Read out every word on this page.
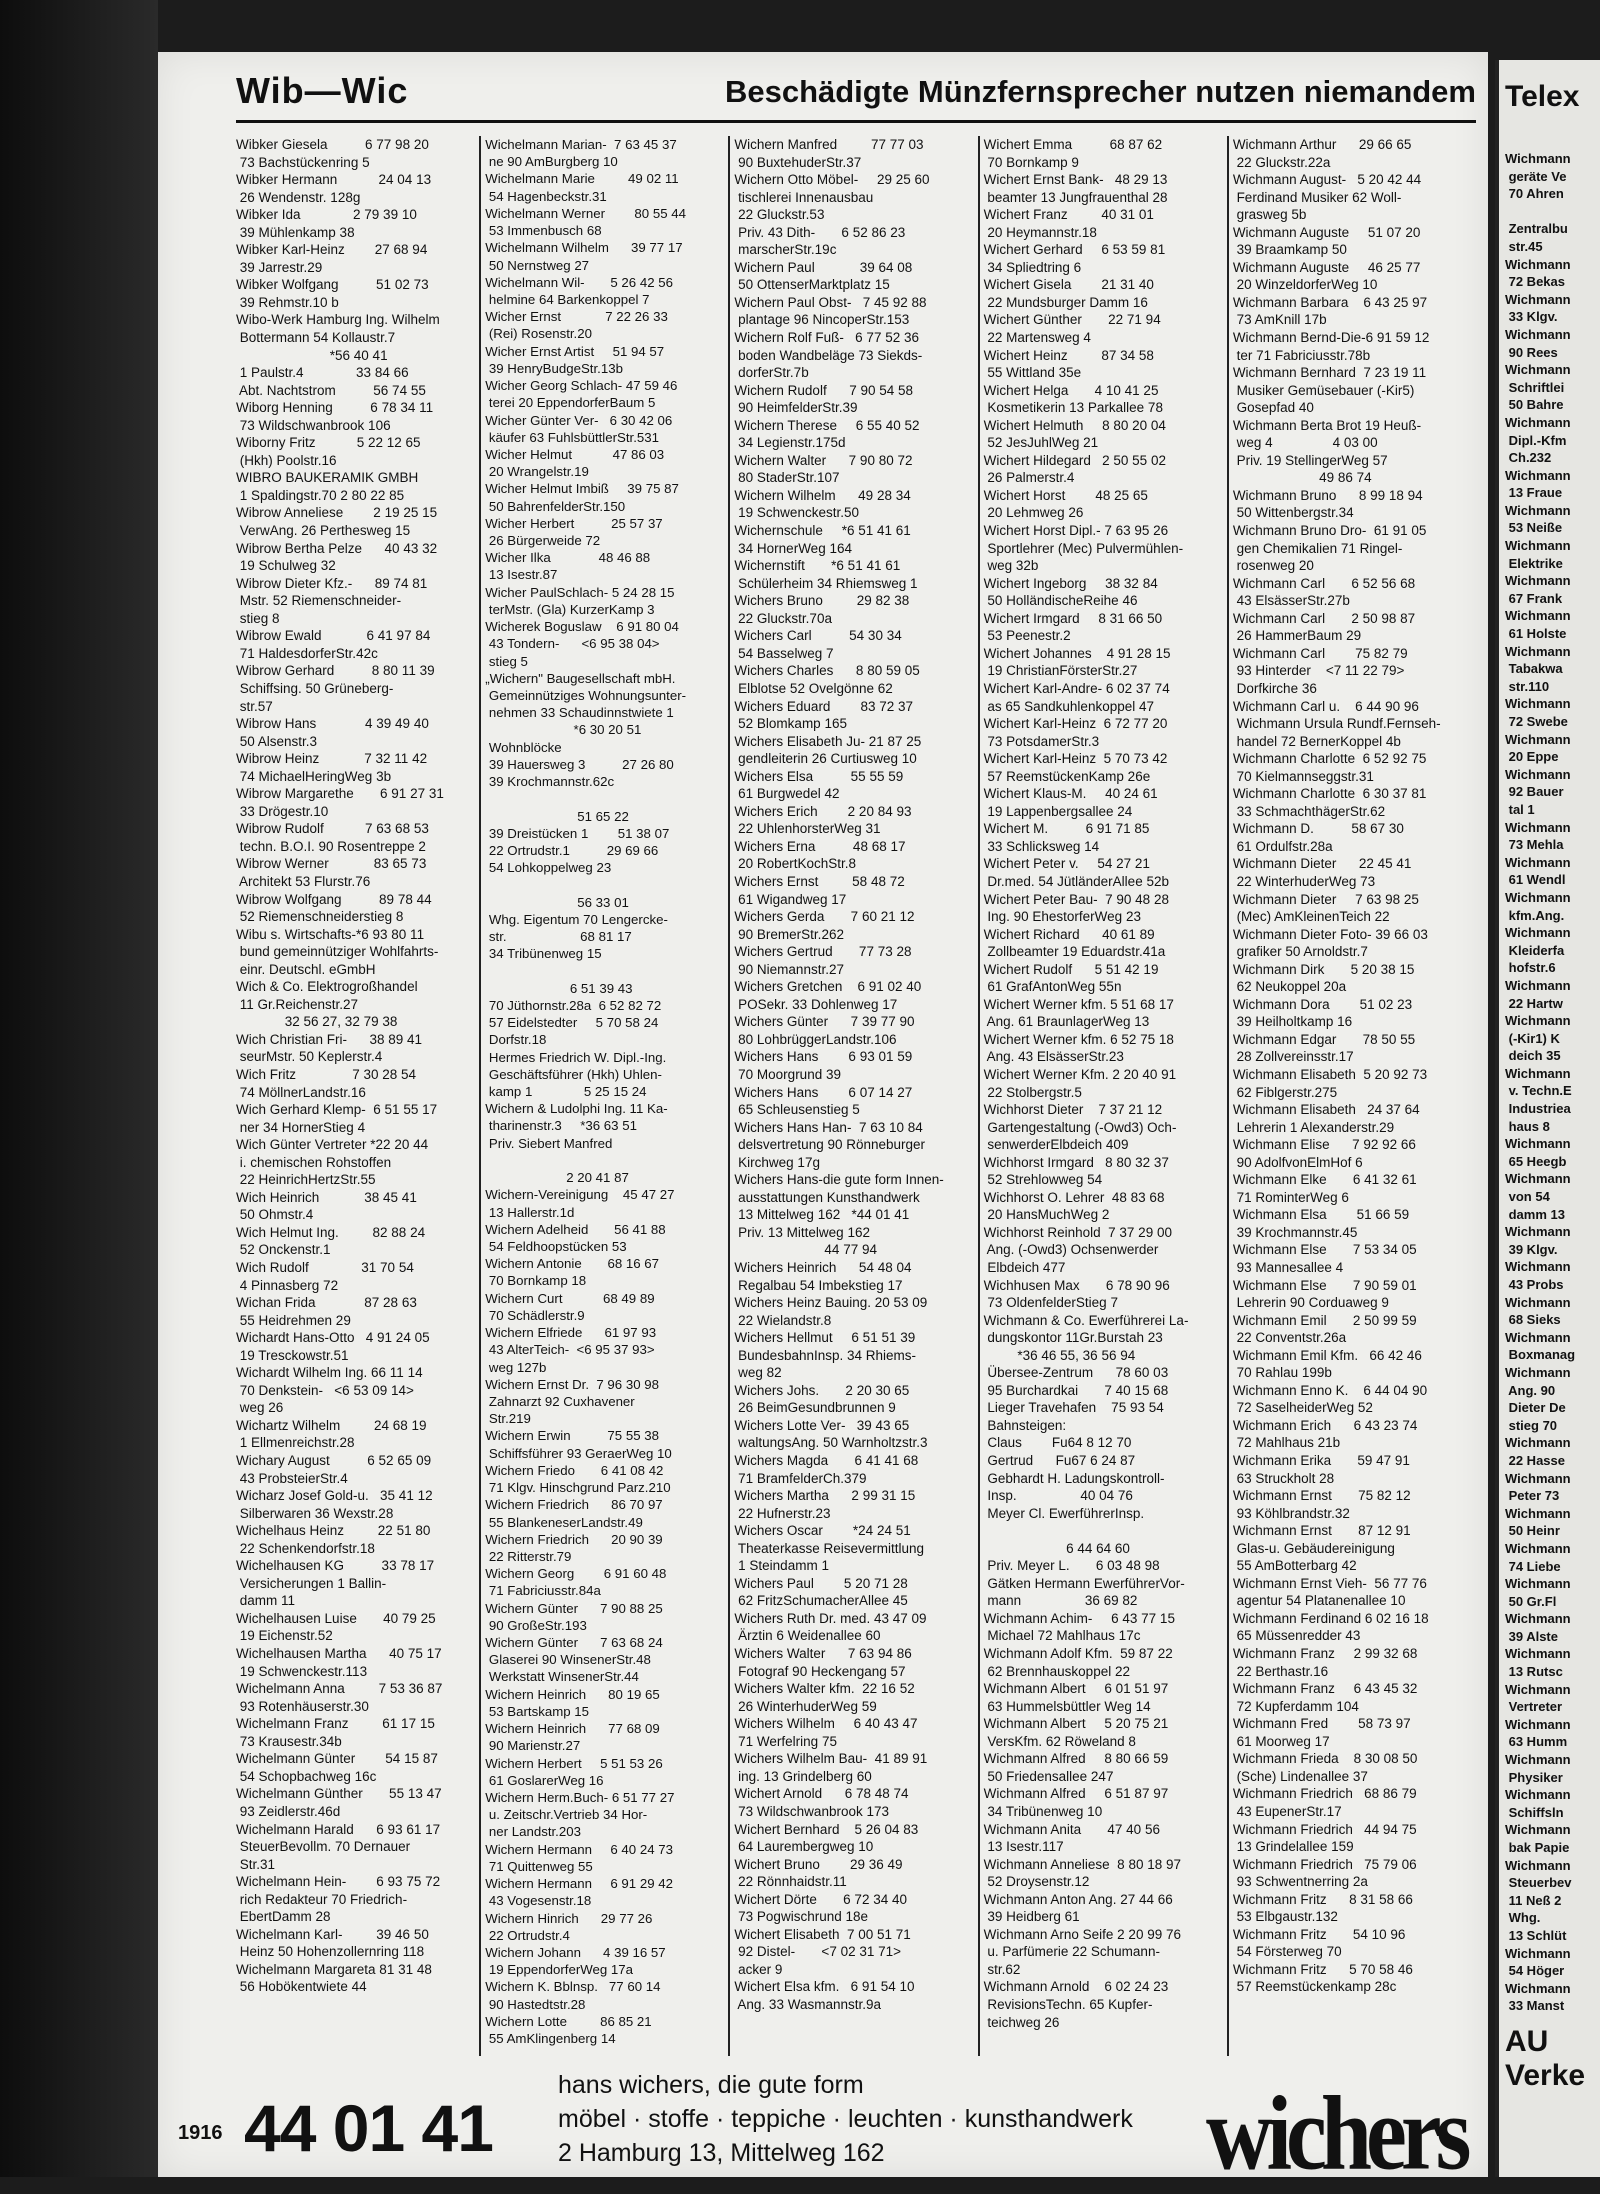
Wib—Wic	Beschädigte Münzfernsprecher nutzen niemandem
Wibker Giesela          6 77 98 20
73 Bachstückenring 5
Wibker Hermann           24 04 13
26 Wendenstr. 128g
Wibker Ida              2 79 39 10
39 Mühlenkamp 38
Wibker Karl-Heinz        27 68 94
39 Jarrestr.29
Wibker Wolfgang          51 02 73
39 Rehmstr.10 b
Wibo-Werk Hamburg Ing. Wilhelm
Bottermann 54 Kollaustr.7
*56 40 41
1 Paulstr.4              33 84 66
Abt. Nachtstrom          56 74 55
Wiborg Henning          6 78 34 11
73 Wildschwanbrook 106
Wiborny Fritz           5 22 12 65
(Hkh) Poolstr.16
WIBRO BAUKERAMIK GMBH
1 Spaldingstr.70 2 80 22 85
Wibrow Anneliese        2 19 25 15
VerwAng. 26 Perthesweg 15
Wibrow Bertha Pelze      40 43 32
19 Schulweg 32
Wibrow Dieter Kfz.-      89 74 81
Mstr. 52 Riemenschneider-
stieg 8
Wibrow Ewald            6 41 97 84
71 HaldesdorferStr.42c
Wibrow Gerhard          8 80 11 39
Schiffsing. 50 Grüneberg-
str.57
Wibrow Hans             4 39 49 40
50 Alsenstr.3
Wibrow Heinz            7 32 11 42
74 MichaelHeringWeg 3b
Wibrow Margarethe       6 91 27 31
33 Drögestr.10
Wibrow Rudolf           7 63 68 53
techn. B.O.I. 90 Rosentreppe 2
Wibrow Werner            83 65 73
Architekt 53 Flurstr.76
Wibrow Wolfgang          89 78 44
52 Riemenschneiderstieg 8
Wibu s. Wirtschafts-*6 93 80 11
bund gemeinnütziger Wohlfahrts-
einr. Deutschl. eGmbH
Wich & Co. Elektrogroßhandel
11 Gr.Reichenstr.27
32 56 27, 32 79 38
Wich Christian Fri-      38 89 41
seurMstr. 50 Keplerstr.4
Wich Fritz               7 30 28 54
74 MöllnerLandstr.16
Wich Gerhard Klemp-  6 51 55 17
ner 34 HornerStieg 4
Wich Günter Vertreter *22 20 44
i. chemischen Rohstoffen
22 HeinrichHertzStr.55
Wich Heinrich            38 45 41
50 Ohmstr.4
Wich Helmut Ing.         82 88 24
52 Onckenstr.1
Wich Rudolf              31 70 54
4 Pinnasberg 72
Wichan Frida             87 28 63
55 Heidrehmen 29
Wichardt Hans-Otto   4 91 24 05
19 Tresckowstr.51
Wichardt Wilhelm Ing. 66 11 14
70 Denkstein-   <6 53 09 14>
weg 26
Wichartz Wilhelm         24 68 19
1 Ellmenreichstr.28
Wichary August          6 52 65 09
43 ProbsteierStr.4
Wicharz Josef Gold-u.   35 41 12
Silberwaren 36 Wexstr.28
Wichelhaus Heinz         22 51 80
22 Schenkendorfstr.18
Wichelhausen KG          33 78 17
Versicherungen 1 Ballin-
damm 11
Wichelhausen Luise       40 79 25
19 Eichenstr.52
Wichelhausen Martha      40 75 17
19 Schwenckestr.113
Wichelmann Anna         7 53 36 87
93 Rotenhäuserstr.30
Wichelmann Franz         61 17 15
73 Krausestr.34b
Wichelmann Günter        54 15 87
54 Schopbachweg 16c
Wichelmann Günther       55 13 47
93 Zeidlerstr.46d
Wichelmann Harald      6 93 61 17
SteuerBevollm. 70 Dernauer
Str.31
Wichelmann Hein-        6 93 75 72
rich Redakteur 70 Friedrich-
EbertDamm 28
Wichelmann Karl-         39 46 50
Heinz 50 Hohenzollernring 118
Wichelmann Margareta 81 31 48
56 Hobökentwiete 44
Wichelmann Marian-  7 63 45 37
ne 90 AmBurgberg 10
Wichelmann Marie         49 02 11
54 Hagenbeckstr.31
Wichelmann Werner        80 55 44
53 Immenbusch 68
Wichelmann Wilhelm      39 77 17
50 Nernstweg 27
Wichelmann Wil-       5 26 42 56
helmine 64 Barkenkoppel 7
Wicher Ernst            7 22 26 33
(Rei) Rosenstr.20
Wicher Ernst Artist     51 94 57
39 HenryBudgeStr.13b
Wicher Georg Schlach- 47 59 46
terei 20 EppendorferBaum 5
Wicher Günter Ver-   6 30 42 06
käufer 63 FuhlsbüttlerStr.531
Wicher Helmut           47 86 03
20 Wrangelstr.19
Wicher Helmut Imbiß     39 75 87
50 BahrenfelderStr.150
Wicher Herbert          25 57 37
26 Bürgerweide 72
Wicher Ilka             48 46 88
13 Isestr.87
Wicher PaulSchlach- 5 24 28 15
terMstr. (Gla) KurzerKamp 3
Wicherek Boguslaw    6 91 80 04
43 Tondern-      <6 95 38 04>
stieg 5
„Wichern" Baugesellschaft mbH.
Gemeinnütziges Wohnungsunter-
nehmen 33 Schaudinnstwiete 1
*6 30 20 51
Wohnblöcke
39 Hauersweg 3          27 26 80
39 Krochmannstr.62c

51 65 22
39 Dreistücken 1        51 38 07
22 Ortrudstr.1          29 69 66
54 Lohkoppelweg 23

56 33 01
Whg. Eigentum 70 Lengercke-
str.                    68 81 17
34 Tribünenweg 15

6 51 39 43
70 Jüthornstr.28a  6 52 82 72
57 Eidelstedter     5 70 58 24
Dorfstr.18
Hermes Friedrich W. Dipl.-Ing.
Geschäftsführer (Hkh) Uhlen-
kamp 1              5 25 15 24
Wichern & Ludolphi Ing. 11 Ka-
tharinenstr.3     *36 63 51
Priv. Siebert Manfred

2 20 41 87
Wichern-Vereinigung    45 47 27
13 Hallerstr.1d
Wichern Adelheid       56 41 88
54 Feldhoopstücken 53
Wichern Antonie       68 16 67
70 Bornkamp 18
Wichern Curt           68 49 89
70 Schädlerstr.9
Wichern Elfriede      61 97 93
43 AlterTeich-  <6 95 37 93>
weg 127b
Wichern Ernst Dr.  7 96 30 98
Zahnarzt 92 Cuxhavener
Str.219
Wichern Erwin          75 55 38
Schiffsführer 93 GeraerWeg 10
Wichern Friedo       6 41 08 42
71 Klgv. Hinschgrund Parz.210
Wichern Friedrich      86 70 97
55 BlankeneserLandstr.49
Wichern Friedrich      20 90 39
22 Ritterstr.79
Wichern Georg        6 91 60 48
71 Fabriciusstr.84a
Wichern Günter      7 90 88 25
90 GroßeStr.193
Wichern Günter      7 63 68 24
Glaserei 90 WinsenerStr.48
Werkstatt WinsenerStr.44
Wichern Heinrich      80 19 65
53 Bartskamp 15
Wichern Heinrich      77 68 09
90 Marienstr.27
Wichern Herbert     5 51 53 26
61 GoslarerWeg 16
Wichern Herm.Buch- 6 51 77 27
u. Zeitschr.Vertrieb 34 Hor-
ner Landstr.203
Wichern Hermann     6 40 24 73
71 Quittenweg 55
Wichern Hermann     6 91 29 42
43 Vogesenstr.18
Wichern Hinrich      29 77 26
22 Ortrudstr.4
Wichern Johann      4 39 16 57
19 EppendorferWeg 17a
Wichern K. Bblnsp.   77 60 14
90 Hastedtstr.28
Wichern Lotte         86 85 21
55 AmKlingenberg 14
Wichern Manfred         77 77 03
90 BuxtehuderStr.37
Wichern Otto Möbel-     29 25 60
tischlerei Innenausbau
22 Gluckstr.53
Priv. 43 Dith-       6 52 86 23
marscherStr.19c
Wichern Paul            39 64 08
50 OttenserMarktplatz 15
Wichern Paul Obst-   7 45 92 88
plantage 96 NincoperStr.153
Wichern Rolf Fuß-   6 77 52 36
boden Wandbeläge 73 Siekds-
dorferStr.7b
Wichern Rudolf      7 90 54 58
90 HeimfelderStr.39
Wichern Therese     6 55 40 52
34 Legienstr.175d
Wichern Walter      7 90 80 72
80 StaderStr.107
Wichern Wilhelm      49 28 34
19 Schwenckestr.50
Wichernschule     *6 51 41 61
34 HornerWeg 164
Wichernstift       *6 51 41 61
Schülerheim 34 Rhiemsweg 1
Wichers Bruno         29 82 38
22 Gluckstr.70a
Wichers Carl          54 30 34
54 Basselweg 7
Wichers Charles      8 80 59 05
Elblotse 52 Ovelgönne 62
Wichers Eduard        83 72 37
52 Blomkamp 165
Wichers Elisabeth Ju- 21 87 25
gendleiterin 26 Curtiusweg 10
Wichers Elsa          55 55 59
61 Burgwedel 42
Wichers Erich        2 20 84 93
22 UhlenhorsterWeg 31
Wichers Erna          48 68 17
20 RobertKochStr.8
Wichers Ernst         58 48 72
61 Wigandweg 17
Wichers Gerda       7 60 21 12
90 BremerStr.262
Wichers Gertrud       77 73 28
90 Niemannstr.27
Wichers Gretchen    6 91 02 40
POSekr. 33 Dohlenweg 17
Wichers Günter      7 39 77 90
80 LohbrüggerLandstr.106
Wichers Hans        6 93 01 59
70 Moorgrund 39
Wichers Hans        6 07 14 27
65 Schleusenstieg 5
Wichers Hans Han-  7 63 10 84
delsvertretung 90 Rönneburger
Kirchweg 17g
Wichers Hans-die gute form Innen-
ausstattungen Kunsthandwerk
13 Mittelweg 162   *44 01 41
Priv. 13 Mittelweg 162
44 77 94
Wichers Heinrich      54 48 04
Regalbau 54 Imbekstieg 17
Wichers Heinz Bauing. 20 53 09
22 Wielandstr.8
Wichers Hellmut     6 51 51 39
BundesbahnInsp. 34 Rhiems-
weg 82
Wichers Johs.       2 20 30 65
26 BeimGesundbrunnen 9
Wichers Lotte Ver-   39 43 65
waltungsAng. 50 Warnholtzstr.3
Wichers Magda       6 41 41 68
71 BramfelderCh.379
Wichers Martha      2 99 31 15
22 Hufnerstr.23
Wichers Oscar        *24 24 51
Theaterkasse Reisevermittlung
1 Steindamm 1
Wichers Paul        5 20 71 28
62 FritzSchumacherAllee 45
Wichers Ruth Dr. med. 43 47 09
Ärztin 6 Weidenallee 60
Wichers Walter      7 63 94 86
Fotograf 90 Heckengang 57
Wichers Walter kfm.  22 16 52
26 WinterhuderWeg 59
Wichers Wilhelm     6 40 43 47
71 Werfelring 75
Wichers Wilhelm Bau-  41 89 91
ing. 13 Grindelberg 60
Wichert Arnold      6 78 48 74
73 Wildschwanbrook 173
Wichert Bernhard    5 26 04 83
64 Laurembergweg 10
Wichert Bruno        29 36 49
22 Rönnhaidstr.11
Wichert Dörte       6 72 34 40
73 Pogwischrund 18e
Wichert Elisabeth  7 00 51 71
92 Distel-       <7 02 31 71>
acker 9
Wichert Elsa kfm.   6 91 54 10
Ang. 33 Wasmannstr.9a
Wichert Emma          68 87 62
70 Bornkamp 9
Wichert Ernst Bank-   48 29 13
beamter 13 Jungfrauenthal 28
Wichert Franz         40 31 01
20 Heymannstr.18
Wichert Gerhard     6 53 59 81
34 Spliedtring 6
Wichert Gisela        21 31 40
22 Mundsburger Damm 16
Wichert Günther       22 71 94
22 Martensweg 4
Wichert Heinz         87 34 58
55 Wittland 35e
Wichert Helga       4 10 41 25
Kosmetikerin 13 Parkallee 78
Wichert Helmuth     8 80 20 04
52 JesJuhlWeg 21
Wichert Hildegard   2 50 55 02
26 Palmerstr.4
Wichert Horst        48 25 65
20 Lehmweg 26
Wichert Horst Dipl.- 7 63 95 26
Sportlehrer (Mec) Pulvermühlen-
weg 32b
Wichert Ingeborg     38 32 84
50 HolländischeReihe 46
Wichert Irmgard     8 31 66 50
53 Peenestr.2
Wichert Johannes    4 91 28 15
19 ChristianFörsterStr.27
Wichert Karl-Andre- 6 02 37 74
as 65 Sandkuhlenkoppel 47
Wichert Karl-Heinz  6 72 77 20
73 PotsdamerStr.3
Wichert Karl-Heinz  5 70 73 42
57 ReemstückenKamp 26e
Wichert Klaus-M.     40 24 61
19 Lappenbergsallee 24
Wichert M.          6 91 71 85
33 Schlicksweg 14
Wichert Peter v.     54 27 21
Dr.med. 54 JütländerAllee 52b
Wichert Peter Bau-  7 90 48 28
Ing. 90 EhestorferWeg 23
Wichert Richard      40 61 89
Zollbeamter 19 Eduardstr.41a
Wichert Rudolf      5 51 42 19
61 GrafAntonWeg 55n
Wichert Werner kfm. 5 51 68 17
Ang. 61 BraunlagerWeg 13
Wichert Werner kfm. 6 52 75 18
Ang. 43 ElsässerStr.23
Wichert Werner Kfm. 2 20 40 91
22 Stolbergstr.5
Wichhorst Dieter    7 37 21 12
Gartengestaltung (-Owd3) Och-
senwerderElbdeich 409
Wichhorst Irmgard   8 80 32 37
52 Strehlowweg 54
Wichhorst O. Lehrer  48 83 68
20 HansMuchWeg 2
Wichhorst Reinhold  7 37 29 00
Ang. (-Owd3) Ochsenwerder
Elbdeich 477
Wichhusen Max       6 78 90 96
73 OldenfelderStieg 7
Wichmann & Co. Ewerführerei La-
dungskontor 11Gr.Burstah 23
*36 46 55, 36 56 94
Übersee-Zentrum      78 60 03
95 Burchardkai       7 40 15 68
Lieger Travehafen    75 93 54
Bahnsteigen:
Claus        Fu64 8 12 70
Gertrud      Fu67 6 24 87
Gebhardt H. Ladungskontroll-
Insp.                 40 04 76
Meyer Cl. EwerführerInsp.

6 44 64 60
Priv. Meyer L.       6 03 48 98
Gätken Hermann EwerführerVor-
mann                 36 69 82
Wichmann Achim-     6 43 77 15
Michael 72 Mahlhaus 17c
Wichmann Adolf Kfm.  59 87 22
62 Brennhauskoppel 22
Wichmann Albert     6 01 51 97
63 Hummelsbüttler Weg 14
Wichmann Albert     5 20 75 21
VersKfm. 62 Röweland 8
Wichmann Alfred     8 80 66 59
50 Friedensallee 247
Wichmann Alfred     6 51 87 97
34 Tribünenweg 10
Wichmann Anita       47 40 56
13 Isestr.117
Wichmann Anneliese  8 80 18 97
52 Droysenstr.12
Wichmann Anton Ang. 27 44 66
39 Heidberg 61
Wichmann Arno Seife 2 20 99 76
u. Parfümerie 22 Schumann-
str.62
Wichmann Arnold    6 02 24 23
RevisionsTechn. 65 Kupfer-
teichweg 26
Wichmann Arthur      29 66 65
22 Gluckstr.22a
Wichmann August-   5 20 42 44
Ferdinand Musiker 62 Woll-
grasweg 5b
Wichmann Auguste     51 07 20
39 Braamkamp 50
Wichmann Auguste     46 25 77
20 WinzeldorferWeg 10
Wichmann Barbara    6 43 25 97
73 AmKnill 17b
Wichmann Bernd-Die-6 91 59 12
ter 71 Fabriciusstr.78b
Wichmann Bernhard  7 23 19 11
Musiker Gemüsebauer (-Kir5)
Gosepfad 40
Wichmann Berta Brot 19 Heuß-
weg 4                4 03 00
Priv. 19 StellingerWeg 57
49 86 74
Wichmann Bruno      8 99 18 94
50 Wittenbergstr.34
Wichmann Bruno Dro-  61 91 05
gen Chemikalien 71 Ringel-
rosenweg 20
Wichmann Carl       6 52 56 68
43 ElsässerStr.27b
Wichmann Carl       2 50 98 87
26 HammerBaum 29
Wichmann Carl        75 82 79
93 Hinterder    <7 11 22 79>
Dorfkirche 36
Wichmann Carl u.    6 44 90 96
Wichmann Ursula Rundf.Fernseh-
handel 72 BernerKoppel 4b
Wichmann Charlotte  6 52 92 75
70 Kielmannseggstr.31
Wichmann Charlotte  6 30 37 81
33 SchmachthägerStr.62
Wichmann D.          58 67 30
61 Ordulfstr.28a
Wichmann Dieter      22 45 41
22 WinterhuderWeg 73
Wichmann Dieter     7 63 98 25
(Mec) AmKleinenTeich 22
Wichmann Dieter Foto- 39 66 03
grafiker 50 Arnoldstr.7
Wichmann Dirk       5 20 38 15
62 Neukoppel 20a
Wichmann Dora        51 02 23
39 Heilholtkamp 16
Wichmann Edgar       78 50 55
28 Zollvereinsstr.17
Wichmann Elisabeth  5 20 92 73
62 Fiblgerstr.275
Wichmann Elisabeth   24 37 64
Lehrerin 1 Alexanderstr.29
Wichmann Elise      7 92 92 66
90 AdolfvonElmHof 6
Wichmann Elke       6 41 32 61
71 RominterWeg 6
Wichmann Elsa        51 66 59
39 Krochmannstr.45
Wichmann Else       7 53 34 05
93 Mannesallee 4
Wichmann Else       7 90 59 01
Lehrerin 90 Corduaweg 9
Wichmann Emil       2 50 99 59
22 Conventstr.26a
Wichmann Emil Kfm.   66 42 46
70 Rahlau 199b
Wichmann Enno K.    6 44 04 90
72 SaselheiderWeg 52
Wichmann Erich      6 43 23 74
72 Mahlhaus 21b
Wichmann Erika       59 47 91
63 Struckholt 28
Wichmann Ernst       75 82 12
93 Köhlbrandstr.32
Wichmann Ernst       87 12 91
Glas-u. Gebäudereinigung
55 AmBotterbarg 42
Wichmann Ernst Vieh-  56 77 76
agentur 54 Platanenallee 10
Wichmann Ferdinand 6 02 16 18
65 Müssenredder 43
Wichmann Franz     2 99 32 68
22 Berthastr.16
Wichmann Franz     6 43 45 32
72 Kupferdamm 104
Wichmann Fred        58 73 97
61 Moorweg 17
Wichmann Frieda    8 30 08 50
(Sche) Lindenallee 37
Wichmann Friedrich   68 86 79
43 EupenerStr.17
Wichmann Friedrich   44 94 75
13 Grindelallee 159
Wichmann Friedrich   75 79 06
93 Schwentnerring 2a
Wichmann Fritz      8 31 58 66
53 Elbgaustr.132
Wichmann Fritz       54 10 96
54 Försterweg 70
Wichmann Fritz      5 70 58 46
57 Reemstückenkamp 28c
1916 44 01 41
hans wichers, die gute form
möbel · stoffe · teppiche · leuchten · kunsthandwerk
2 Hamburg 13, Mittelweg 162	wichers
Telex
Wichmann
geräte Ve
70 Ahren

Zentralbu
str.45
Wichmann
72 Bekas
Wichmann
33 Klgv.
Wichmann
90 Rees
Wichmann
Schriftlei
50 Bahre
Wichmann
Dipl.-Kfm
Ch.232
Wichmann
13 Fraue
Wichmann
53 Neiße
Wichmann
Elektrike
Wichmann
67 Frank
Wichmann
61 Holste
Wichmann
Tabakwa
str.110
Wichmann
72 Swebe
Wichmann
20 Eppe
Wichmann
92 Bauer
tal 1
Wichmann
73 Mehla
Wichmann
61 Wendl
Wichmann
kfm.Ang.
Wichmann
Kleiderfa
hofstr.6
Wichmann
22 Hartw
Wichmann
(-Kir1) K
deich 35
Wichmann
v. Techn.E
Industriea
haus 8
Wichmann
65 Heegb
Wichmann
von 54
damm 13
Wichmann
39 Klgv.
Wichmann
43 Probs
Wichmann
68 Sieks
Wichmann
Boxmanag
Wichmann
Ang. 90
Dieter De
stieg 70
Wichmann
22 Hasse
Wichmann
Peter 73
Wichmann
50 Heinr
Wichmann
74 Liebe
Wichmann
50 Gr.Fl
Wichmann
39 Alste
Wichmann
13 Rutsc
Wichmann
Vertreter
Wichmann
63 Humm
Wichmann
Physiker
Wichmann
Schiffsln
Wichmann
bak Papie
Wichmann
Steuerbev
11 Neß 2
Whg.
13 Schlüt
Wichmann
54 Höger
Wichmann
33 Manst
AU
Verke
